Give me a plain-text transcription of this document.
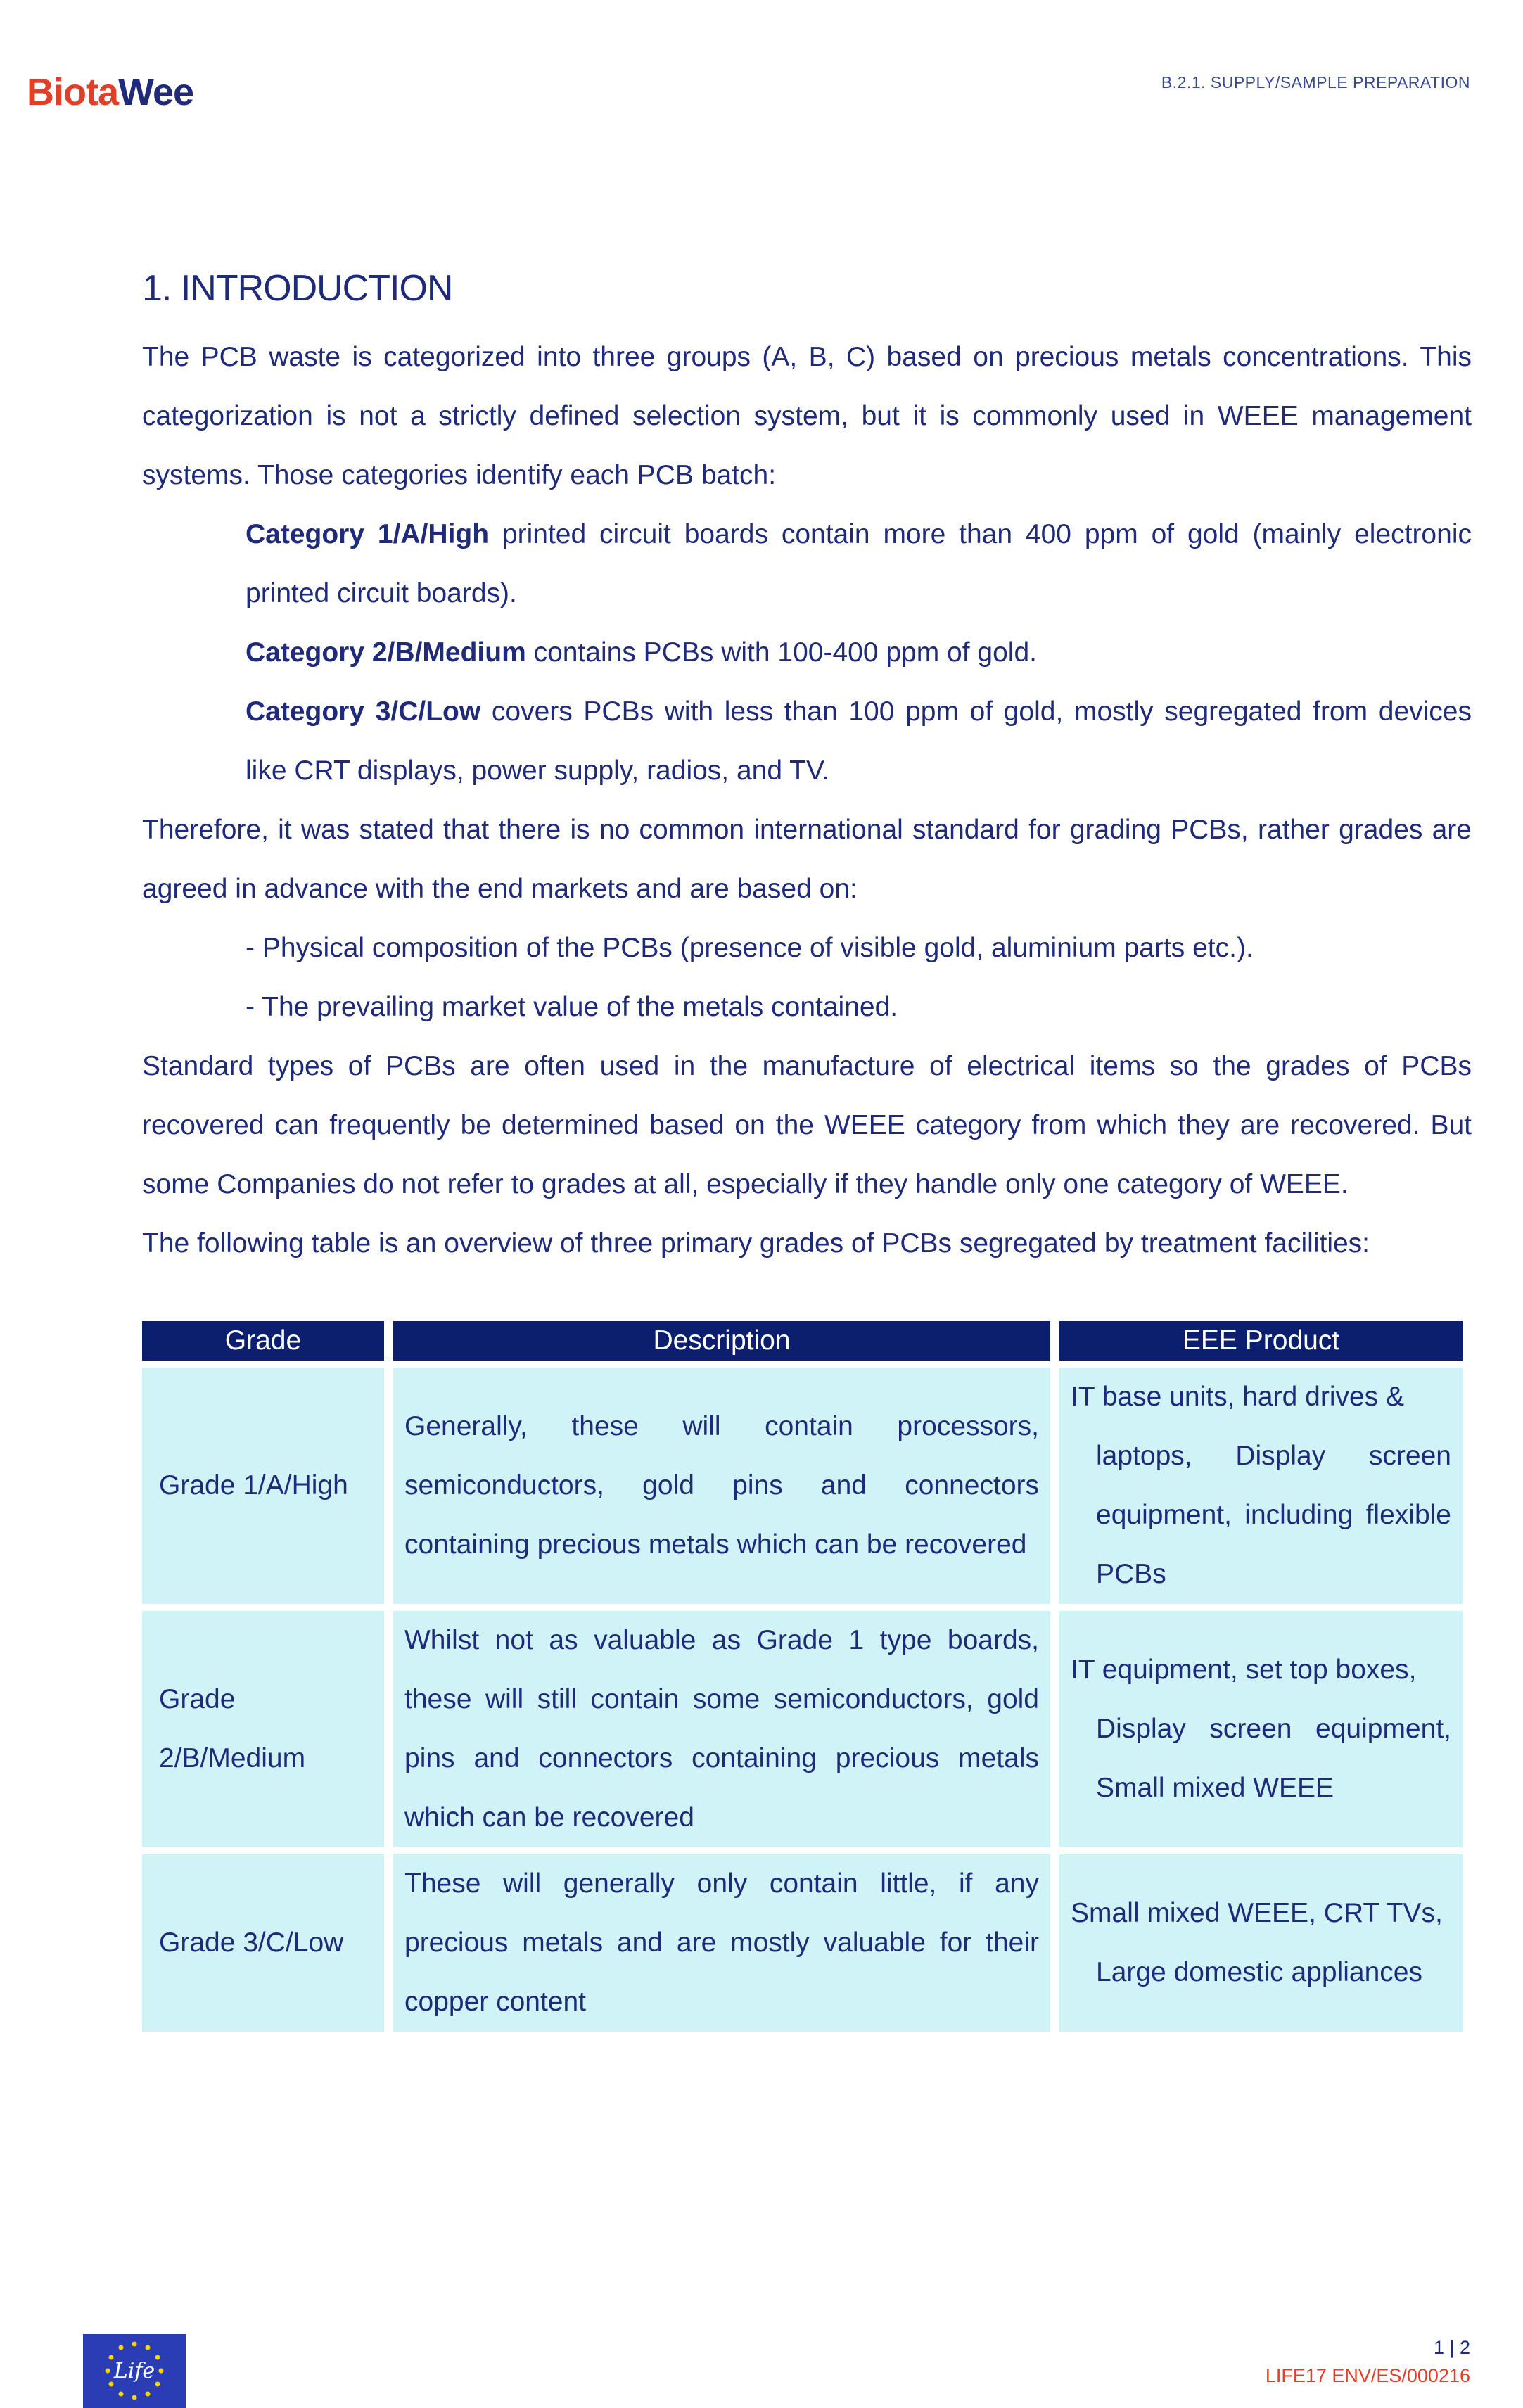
BiotaWee	B.2.1. SUPPLY/SAMPLE PREPARATION
1. INTRODUCTION

The PCB waste is categorized into three groups (A, B, C) based on precious metals concentrations. This categorization is not a strictly defined selection system, but it is commonly used in WEEE management systems. Those categories identify each PCB batch:

Category 1/A/High printed circuit boards contain more than 400 ppm of gold (mainly electronic printed circuit boards).

Category 2/B/Medium contains PCBs with 100-400 ppm of gold.

Category 3/C/Low covers PCBs with less than 100 ppm of gold, mostly segregated from devices like CRT displays, power supply, radios, and TV.

Therefore, it was stated that there is no common international standard for grading PCBs, rather grades are agreed in advance with the end markets and are based on:

- Physical composition of the PCBs (presence of visible gold, aluminium parts etc.).

- The prevailing market value of the metals contained.

Standard types of PCBs are often used in the manufacture of electrical items so the grades of PCBs recovered can frequently be determined based on the WEEE category from which they are recovered. But some Companies do not refer to grades at all, especially if they handle only one category of WEEE.

The following table is an overview of three primary grades of PCBs segregated by treatment facilities:

Grade	Description	EEE Product
Grade 1/A/High	Generally, these will contain processors, semiconductors, gold pins and connectors containing precious metals which can be recovered	IT base units, hard drives &
laptops, Display screen equipment, including flexible PCBs

Grade 2/B/Medium	Whilst not as valuable as Grade 1 type boards, these will still contain some semiconductors, gold pins and connectors containing precious metals which can be recovered	IT equipment, set top boxes,
Display screen equipment, Small mixed WEEE

Grade 3/C/Low	These will generally only contain little, if any precious metals and are mostly valuable for their copper content	Small mixed WEEE, CRT TVs,
Large domestic appliances
Life
1 | 2
LIFE17 ENV/ES/000216
